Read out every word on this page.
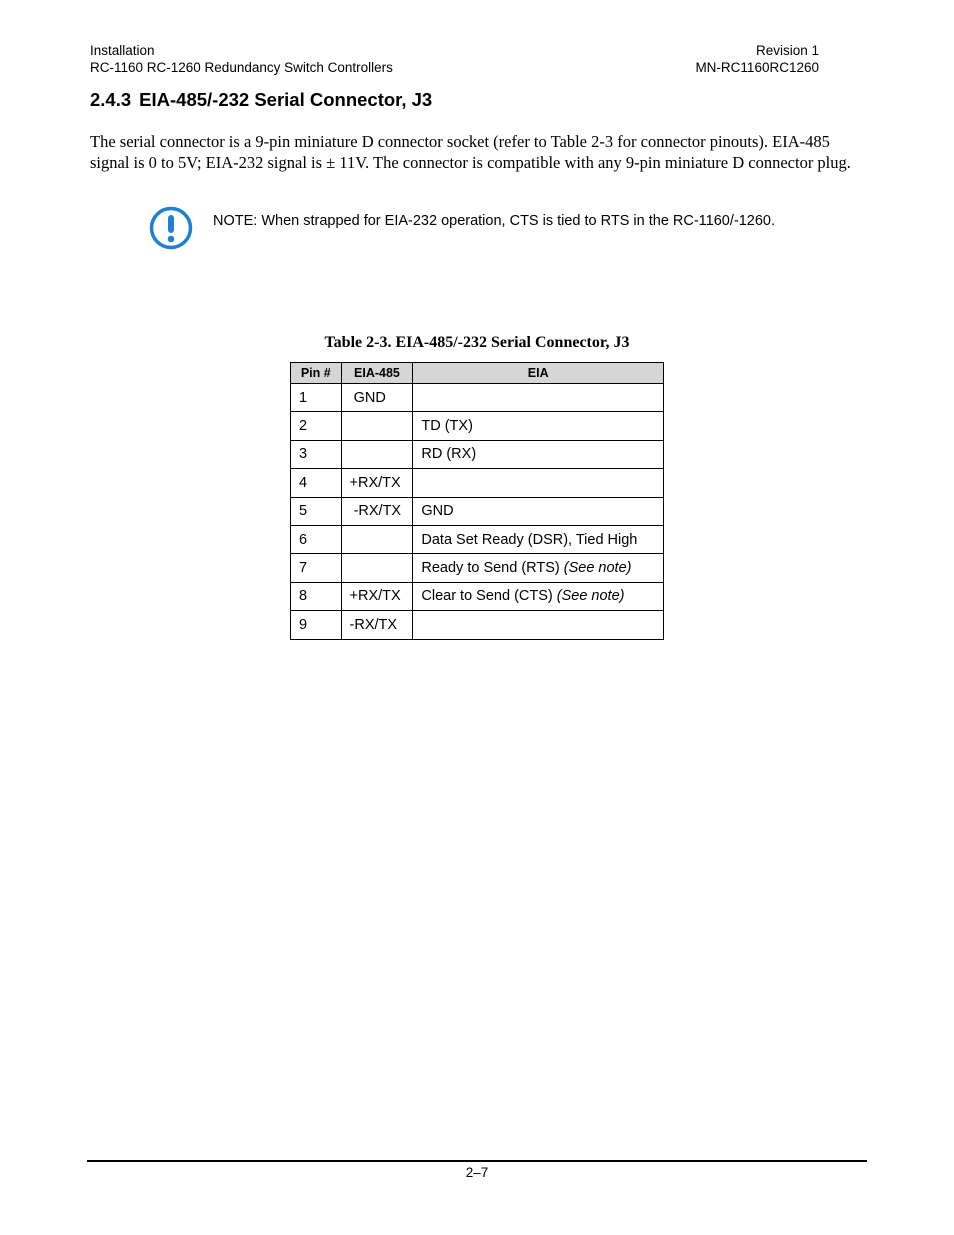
Installation
RC-1160 RC-1260 Redundancy Switch Controllers
Revision 1
MN-RC1160RC1260
2.4.3 EIA-485/-232 Serial Connector, J3

The serial connector is a 9-pin miniature D connector socket (refer to Table 2-3 for connector pinouts). EIA-485 signal is 0 to 5V; EIA-232 signal is ± 11V. The connector is compatible with any 9-pin miniature D connector plug.

NOTE: When strapped for EIA-232 operation, CTS is tied to RTS in the RC-1160/-1260.

Table 2-3. EIA-485/-232 Serial Connector, J3

Pin #	EIA-485	EIA
1	GND	
2		TD (TX)
3		RD (RX)
4	+RX/TX	
5	-RX/TX	GND
6		Data Set Ready (DSR), Tied High
7		Ready to Send (RTS) (See note)
8	+RX/TX	Clear to Send (CTS) (See note)
9	-RX/TX	
2–7
